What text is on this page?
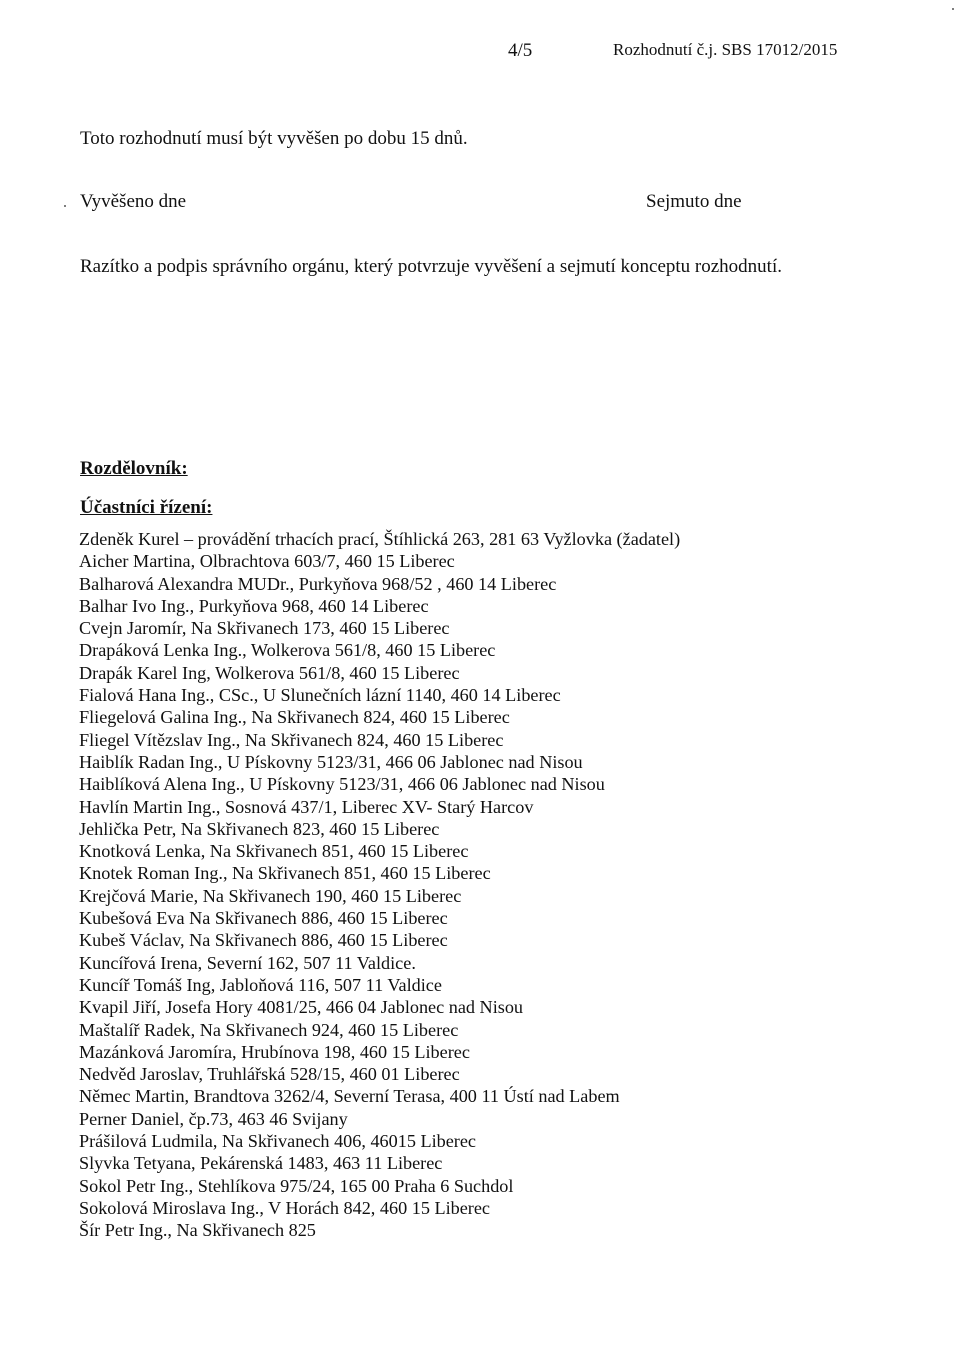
4/5	Rozhodnutí č.j. SBS 17012/2015
Toto rozhodnutí musí být vyvěšen po dobu 15 dnů.
Vyvěšeno dne	Sejmuto dne
Razítko a podpis správního orgánu, který potvrzuje vyvěšení a sejmutí konceptu rozhodnutí.
Rozdělovník:
Účastníci řízení:
Zdeněk Kurel – provádění trhacích prací, Štíhlická 263, 281 63 Vyžlovka (žadatel)
Aicher Martina, Olbrachtova 603/7, 460 15 Liberec
Balharová Alexandra MUDr., Purkyňova 968/52 , 460 14 Liberec
Balhar Ivo Ing., Purkyňova 968, 460 14 Liberec
Cvejn Jaromír, Na Skřivanech 173, 460 15 Liberec
Drapáková Lenka Ing., Wolkerova 561/8, 460 15 Liberec
Drapák Karel Ing, Wolkerova 561/8, 460 15 Liberec
Fialová Hana Ing., CSc., U Slunečních lázní 1140, 460 14 Liberec
Fliegelová Galina Ing., Na Skřivanech 824, 460 15 Liberec
Fliegel Vítězslav Ing., Na Skřivanech 824, 460 15 Liberec
Haiblík Radan Ing., U Pískovny 5123/31, 466 06 Jablonec nad Nisou
Haiblíková Alena Ing., U Pískovny 5123/31, 466 06 Jablonec nad Nisou
Havlín Martin Ing., Sosnová 437/1, Liberec XV- Starý Harcov
Jehlička Petr, Na Skřivanech 823, 460 15 Liberec
Knotková Lenka, Na Skřivanech 851, 460 15 Liberec
Knotek Roman Ing., Na Skřivanech 851, 460 15 Liberec
Krejčová Marie, Na Skřivanech 190, 460 15 Liberec
Kubešová Eva Na Skřivanech 886, 460 15 Liberec
Kubeš Václav, Na Skřivanech 886, 460 15 Liberec
Kuncířová Irena, Severní 162, 507 11 Valdice.
Kuncíř Tomáš Ing, Jabloňová 116, 507 11 Valdice
Kvapil Jiří, Josefa Hory 4081/25, 466 04 Jablonec nad Nisou
Maštalíř Radek, Na Skřivanech 924, 460 15 Liberec
Mazánková Jaromíra, Hrubínova 198, 460 15 Liberec
Nedvěd Jaroslav, Truhlářská 528/15, 460 01 Liberec
Němec Martin, Brandtova 3262/4, Severní Terasa, 400 11 Ústí nad Labem
Perner Daniel, čp.73, 463 46 Svijany
Prášilová Ludmila, Na Skřivanech 406, 46015 Liberec
Slyvka Tetyana, Pekárenská 1483, 463 11 Liberec
Sokol Petr Ing., Stehlíkova 975/24, 165 00 Praha 6 Suchdol
Sokolová Miroslava Ing., V Horách 842, 460 15 Liberec
Šír Petr Ing., Na Skřivanech 825
